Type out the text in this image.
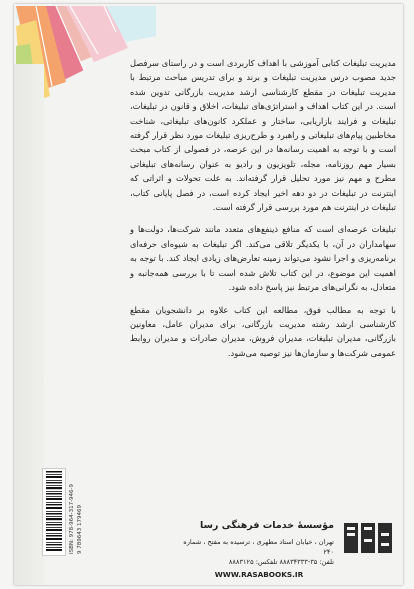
مدیریت تبلیغات کتابی آموزشی با اهداف کاربردی است و در راستای سرفصل جدید مصوب درس مدیریت تبلیغات و برند و برای تدریس مباحث مرتبط با مدیریت تبلیغات در مقطع کارشناسی ارشد مدیریت بازرگانی تدوین شده است. در این کتاب اهداف و استراتژی‌های تبلیغات، اخلاق و قانون در تبلیغات، تبلیغات و فرایند بازاریابی، ساختار و عملکرد کانون‌های تبلیغاتی، شناخت مخاطبین پیام‌های تبلیغاتی و راهبرد و طرح‌ریزی تبلیغات مورد نظر قرار گرفته است و با توجه به اهمیت رسانه‌ها در این عرصه، در فصولی از کتاب مبحث بسیار مهم روزنامه، مجله، تلویزیون و رادیو به عنوان رسانه‌های تبلیغاتی مطرح و مهم نیز مورد تحلیل قرار گرفته‌اند. به علت تحولات و اثراتی که اینترنت در تبلیغات در دو دهه اخیر ایجاد کرده است، در فصل پایانی کتاب، تبلیغات در اینترنت هم مورد بررسی قرار گرفته است.

تبلیغات عرصه‌ای است که منافع ذینفع‌های متعدد مانند شرکت‌ها، دولت‌ها و سهامداران در آن، با یکدیگر تلاقی می‌کند. اگر تبلیغات به شیوه‌ای حرفه‌ای برنامه‌ریزی و اجرا نشود می‌تواند زمینه تعارض‌های زیادی ایجاد کند. با توجه به اهمیت این موضوع، در این کتاب تلاش شده است تا با بررسی همه‌جانبه و متعادل، به نگرانی‌های مرتبط نیز پاسخ داده شود.

با توجه به مطالب فوق، مطالعه این کتاب علاوه بر دانشجویان مقطع کارشناسی ارشد رشته مدیریت بازرگانی، برای مدیران عامل، معاونین بازرگانی، مدیران تبلیغات، مدیران فروش، مدیران صادرات و مدیران روابط عمومی شرکت‌ها و سازمان‌ها نیز توصیه می‌شود.

ISBN: 978-964-317-946-9 9 789643 179469	مؤسسهٔ خدمات فرهنگی رسا
تهران ، خیابان استاد مطهری ، ترسیده به مفتح ، شماره ۲۴۰
تلفن: ۳۵-۸۸۸۳۴۳۳۳ تلفکس: ۸۸۸۳۱۲۵
WWW.RASABOOKS.IR
